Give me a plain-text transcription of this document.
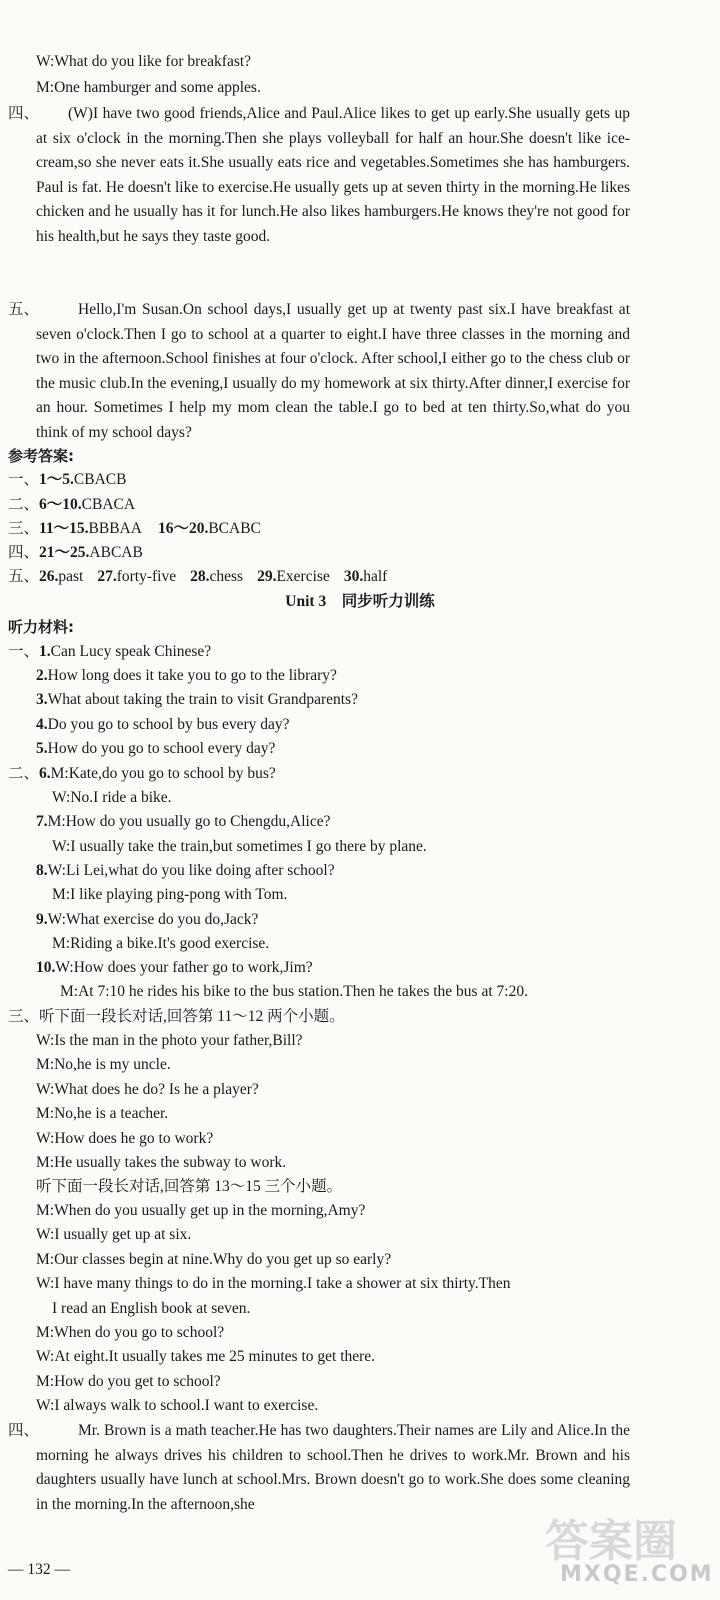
W:What do you like for breakfast?
M:One hamburger and some apples.
四、	(W)I have two good friends,Alice and Paul.Alice likes to get up early.She usually gets up at six o'clock in the morning.Then she plays volleyball for half an hour.She doesn't like ice-cream,so she never eats it.She usually eats rice and vegetables.Sometimes she has hamburgers. Paul is fat. He doesn't like to exercise.He usually gets up at seven thirty in the morning.He likes chicken and he usually has it for lunch.He also likes hamburgers.He knows they're not good for his health,but he says they taste good.
五、	Hello,I'm Susan.On school days,I usually get up at twenty past six.I have breakfast at seven o'clock.Then I go to school at a quarter to eight.I have three classes in the morning and two in the afternoon.School finishes at four o'clock. After school,I either go to the chess club or the music club.In the evening,I usually do my homework at six thirty.After dinner,I exercise for an hour. Sometimes I help my mom clean the table.I go to bed at ten thirty.So,what do you think of my school days?
参考答案:
一、1～5.CBACB
二、6～10.CBACA
三、11～15.BBBAA 16～20.BCABC
四、21～25.ABCAB
五、26.past 27.forty-five 28.chess 29.Exercise 30.half
Unit 3　同步听力训练
听力材料:
一、1.Can Lucy speak Chinese?
2.How long does it take you to go to the library?
3.What about taking the train to visit Grandparents?
4.Do you go to school by bus every day?
5.How do you go to school every day?
二、6.M:Kate,do you go to school by bus?
W:No.I ride a bike.
7.M:How do you usually go to Chengdu,Alice?
W:I usually take the train,but sometimes I go there by plane.
8.W:Li Lei,what do you like doing after school?
M:I like playing ping-pong with Tom.
9.W:What exercise do you do,Jack?
M:Riding a bike.It's good exercise.
10.W:How does your father go to work,Jim?
M:At 7:10 he rides his bike to the bus station.Then he takes the bus at 7:20.
三、听下面一段长对话,回答第 11～12 两个小题。
W:Is the man in the photo your father,Bill?
M:No,he is my uncle.
W:What does he do? Is he a player?
M:No,he is a teacher.
W:How does he go to work?
M:He usually takes the subway to work.
听下面一段长对话,回答第 13～15 三个小题。
M:When do you usually get up in the morning,Amy?
W:I usually get up at six.
M:Our classes begin at nine.Why do you get up so early?
W:I have many things to do in the morning.I take a shower at six thirty.Then
I read an English book at seven.
M:When do you go to school?
W:At eight.It usually takes me 25 minutes to get there.
M:How do you get to school?
W:I always walk to school.I want to exercise.
四、	Mr. Brown is a math teacher.He has two daughters.Their names are Lily and Alice.In the morning he always drives his children to school.Then he drives to work.Mr. Brown and his daughters usually have lunch at school.Mrs. Brown doesn't go to work.She does some cleaning in the morning.In the afternoon,she
— 132 —
答案圈
MXQE.COM
